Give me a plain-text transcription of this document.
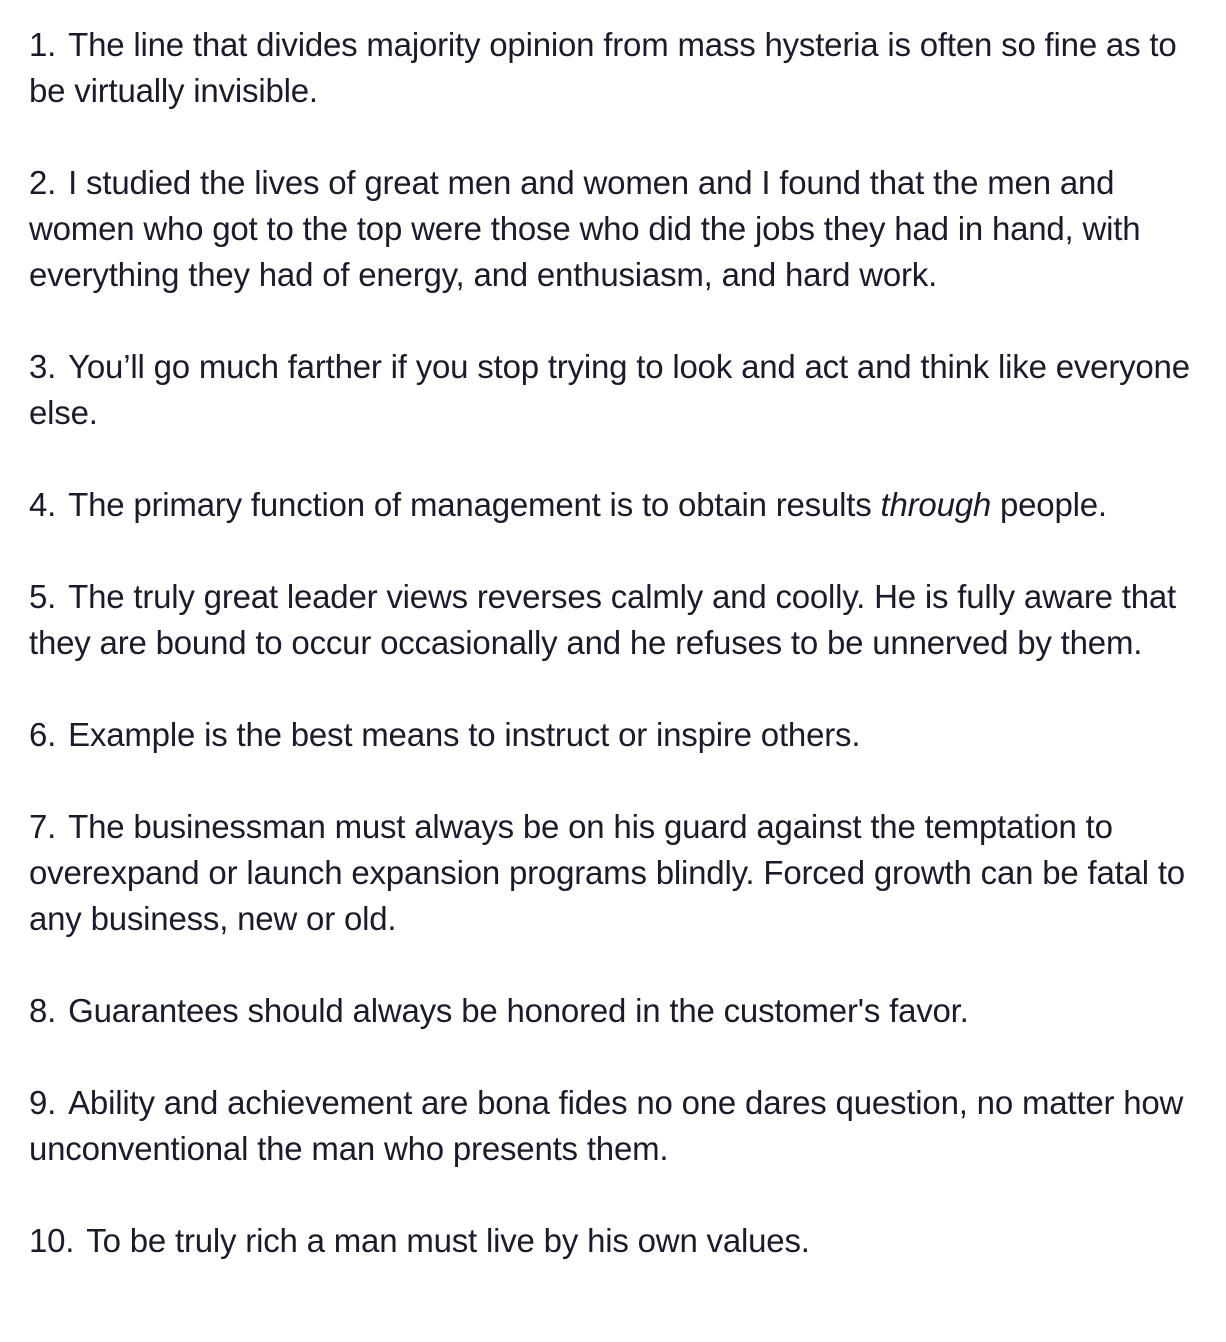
1. The line that divides majority opinion from mass hysteria is often so fine as to be virtually invisible.
2. I studied the lives of great men and women and I found that the men and women who got to the top were those who did the jobs they had in hand, with everything they had of energy, and enthusiasm, and hard work.
3. You’ll go much farther if you stop trying to look and act and think like everyone else.
4. The primary function of management is to obtain results through people.
5. The truly great leader views reverses calmly and coolly. He is fully aware that they are bound to occur occasionally and he refuses to be unnerved by them.
6. Example is the best means to instruct or inspire others.
7. The businessman must always be on his guard against the temptation to overexpand or launch expansion programs blindly. Forced growth can be fatal to any business, new or old.
8. Guarantees should always be honored in the customer's favor.
9. Ability and achievement are bona fides no one dares question, no matter how unconventional the man who presents them.
10. To be truly rich a man must live by his own values.
